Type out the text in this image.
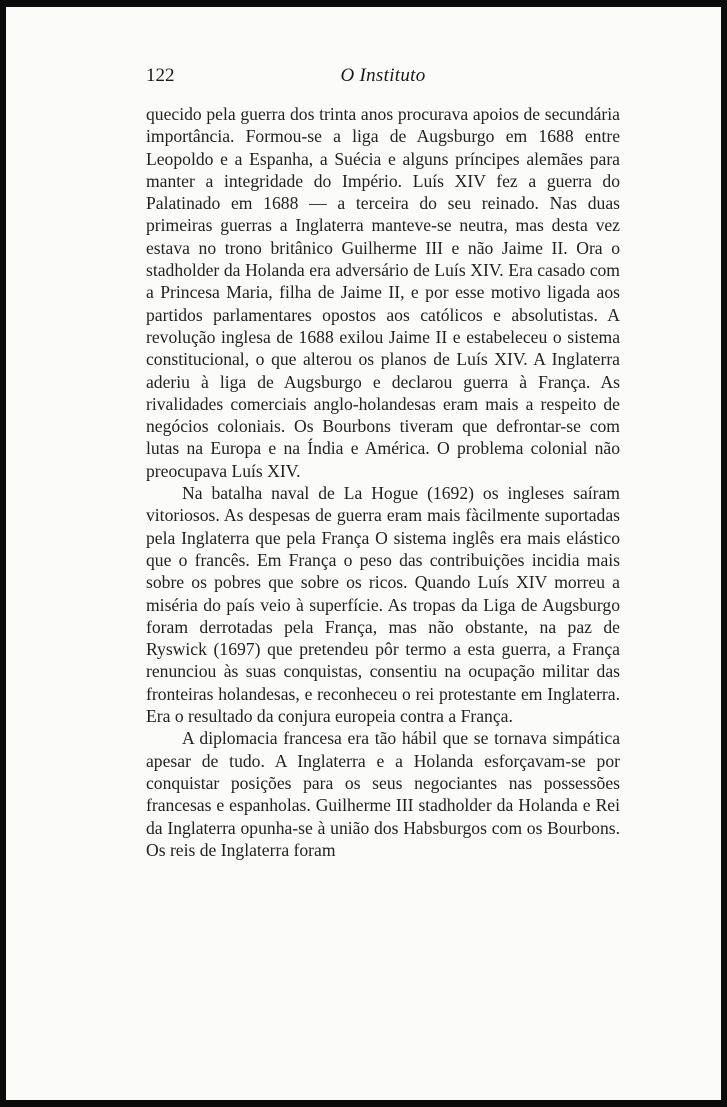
122	O Instituto

quecido pela guerra dos trinta anos procurava apoios de secundária importância. Formou-se a liga de Augsburgo em 1688 entre Leopoldo e a Espanha, a Suécia e alguns príncipes alemães para manter a integridade do Império. Luís XIV fez a guerra do Palatinado em 1688 — a terceira do seu reinado. Nas duas primeiras guerras a Inglaterra manteve-se neutra, mas desta vez estava no trono britânico Guilherme III e não Jaime II. Ora o stadholder da Holanda era adversário de Luís XIV. Era casado com a Princesa Maria, filha de Jaime II, e por esse motivo ligada aos partidos parlamentares opostos aos católicos e absolutistas. A revolução inglesa de 1688 exilou Jaime II e estabeleceu o sistema constitucional, o que alterou os planos de Luís XIV. A Inglaterra aderiu à liga de Augsburgo e declarou guerra à França. As rivalidades comerciais anglo-holandesas eram mais a respeito de negócios coloniais. Os Bourbons tiveram que defrontar-se com lutas na Europa e na Índia e América. O problema colonial não preocupava Luís XIV.

Na batalha naval de La Hogue (1692) os ingleses saíram vitoriosos. As despesas de guerra eram mais fàcilmente suportadas pela Inglaterra que pela França O sistema inglês era mais elástico que o francês. Em França o peso das contribuições incidia mais sobre os pobres que sobre os ricos. Quando Luís XIV morreu a miséria do país veio à superfície. As tropas da Liga de Augsburgo foram derrotadas pela França, mas não obstante, na paz de Ryswick (1697) que pretendeu pôr termo a esta guerra, a França renunciou às suas conquistas, consentiu na ocupação militar das fronteiras holandesas, e reconheceu o rei protestante em Inglaterra. Era o resultado da conjura europeia contra a França.

A diplomacia francesa era tão hábil que se tornava simpática apesar de tudo. A Inglaterra e a Holanda esforçavam-se por conquistar posições para os seus negociantes nas possessões francesas e espanholas. Guilherme III stadholder da Holanda e Rei da Inglaterra opunha-se à união dos Habsburgos com os Bourbons. Os reis de Inglaterra foram
